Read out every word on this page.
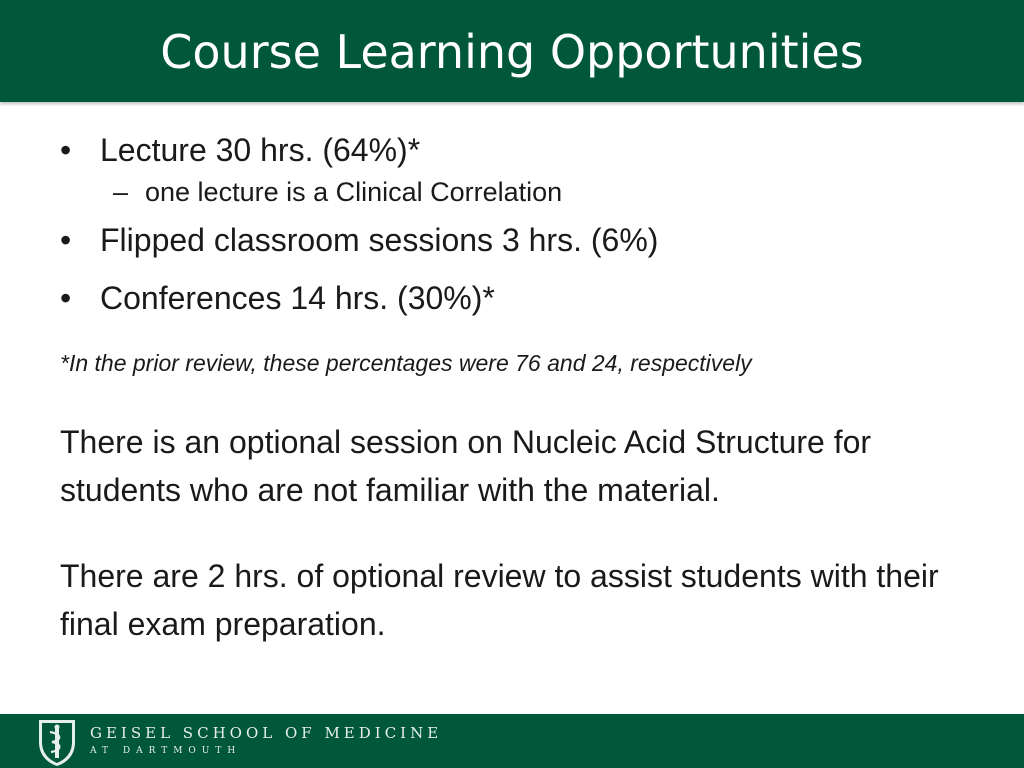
Course Learning Opportunities
• Lecture 30 hrs. (64%)*
– one lecture is a Clinical Correlation
• Flipped classroom sessions 3 hrs. (6%)
• Conferences 14 hrs. (30%)*
*In the prior review, these percentages were 76 and 24, respectively
There is an optional session on Nucleic Acid Structure for students who are not familiar with the material.
There are 2 hrs. of optional review to assist students with their final exam preparation.
GEISEL SCHOOL OF MEDICINE
AT DARTMOUTH
